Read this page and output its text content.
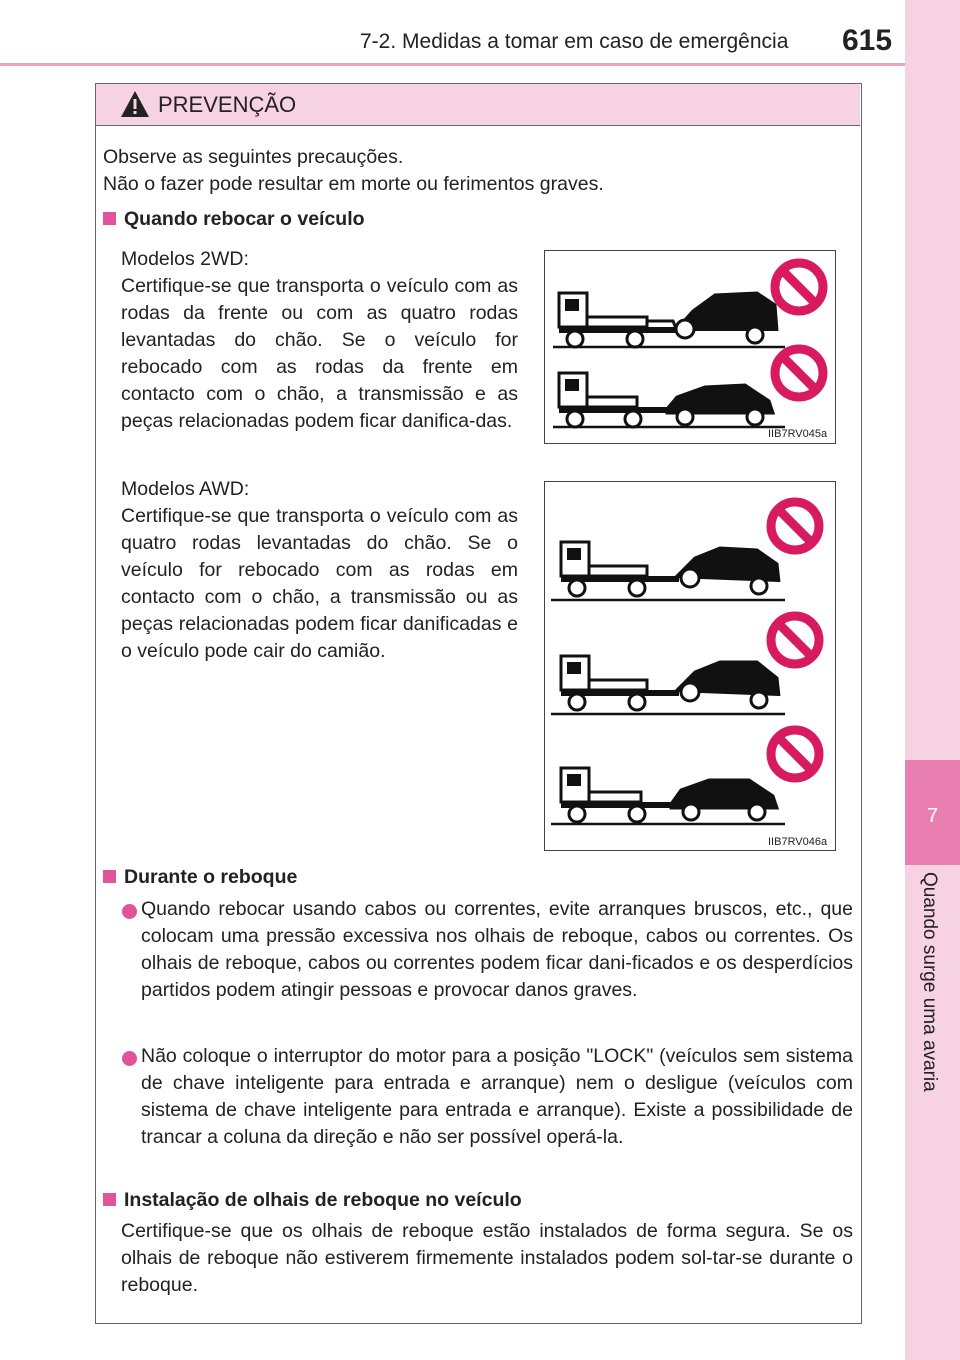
7-2. Medidas a tomar em caso de emergência 615
7
Quando surge uma avaria
PREVENÇÃO
Observe as seguintes precauções.
Não o fazer pode resultar em morte ou ferimentos graves.
Quando rebocar o veículo
Modelos 2WD:
Certifique-se que transporta o veículo com as rodas da frente ou com as quatro rodas levantadas do chão. Se o veículo for rebocado com as rodas da frente em contacto com o chão, a transmissão e as peças relacionadas podem ficar danifica-das.
Modelos AWD:
Certifique-se que transporta o veículo com as quatro rodas levantadas do chão. Se o veículo for rebocado com as rodas em contacto com o chão, a transmissão ou as peças relacionadas podem ficar danificadas e o veículo pode cair do camião.
IIB7RV045a
IIB7RV046a
Durante o reboque
Quando rebocar usando cabos ou correntes, evite arranques bruscos, etc., que colocam uma pressão excessiva nos olhais de reboque, cabos ou correntes. Os olhais de reboque, cabos ou correntes podem ficar dani-ficados e os desperdícios partidos podem atingir pessoas e provocar danos graves.
Não coloque o interruptor do motor para a posição "LOCK" (veículos sem sistema de chave inteligente para entrada e arranque) nem o desligue (veículos com sistema de chave inteligente para entrada e arranque). Existe a possibilidade de trancar a coluna da direção e não ser possível operá-la.
Instalação de olhais de reboque no veículo
Certifique-se que os olhais de reboque estão instalados de forma segura. Se os olhais de reboque não estiverem firmemente instalados podem sol-tar-se durante o reboque.
